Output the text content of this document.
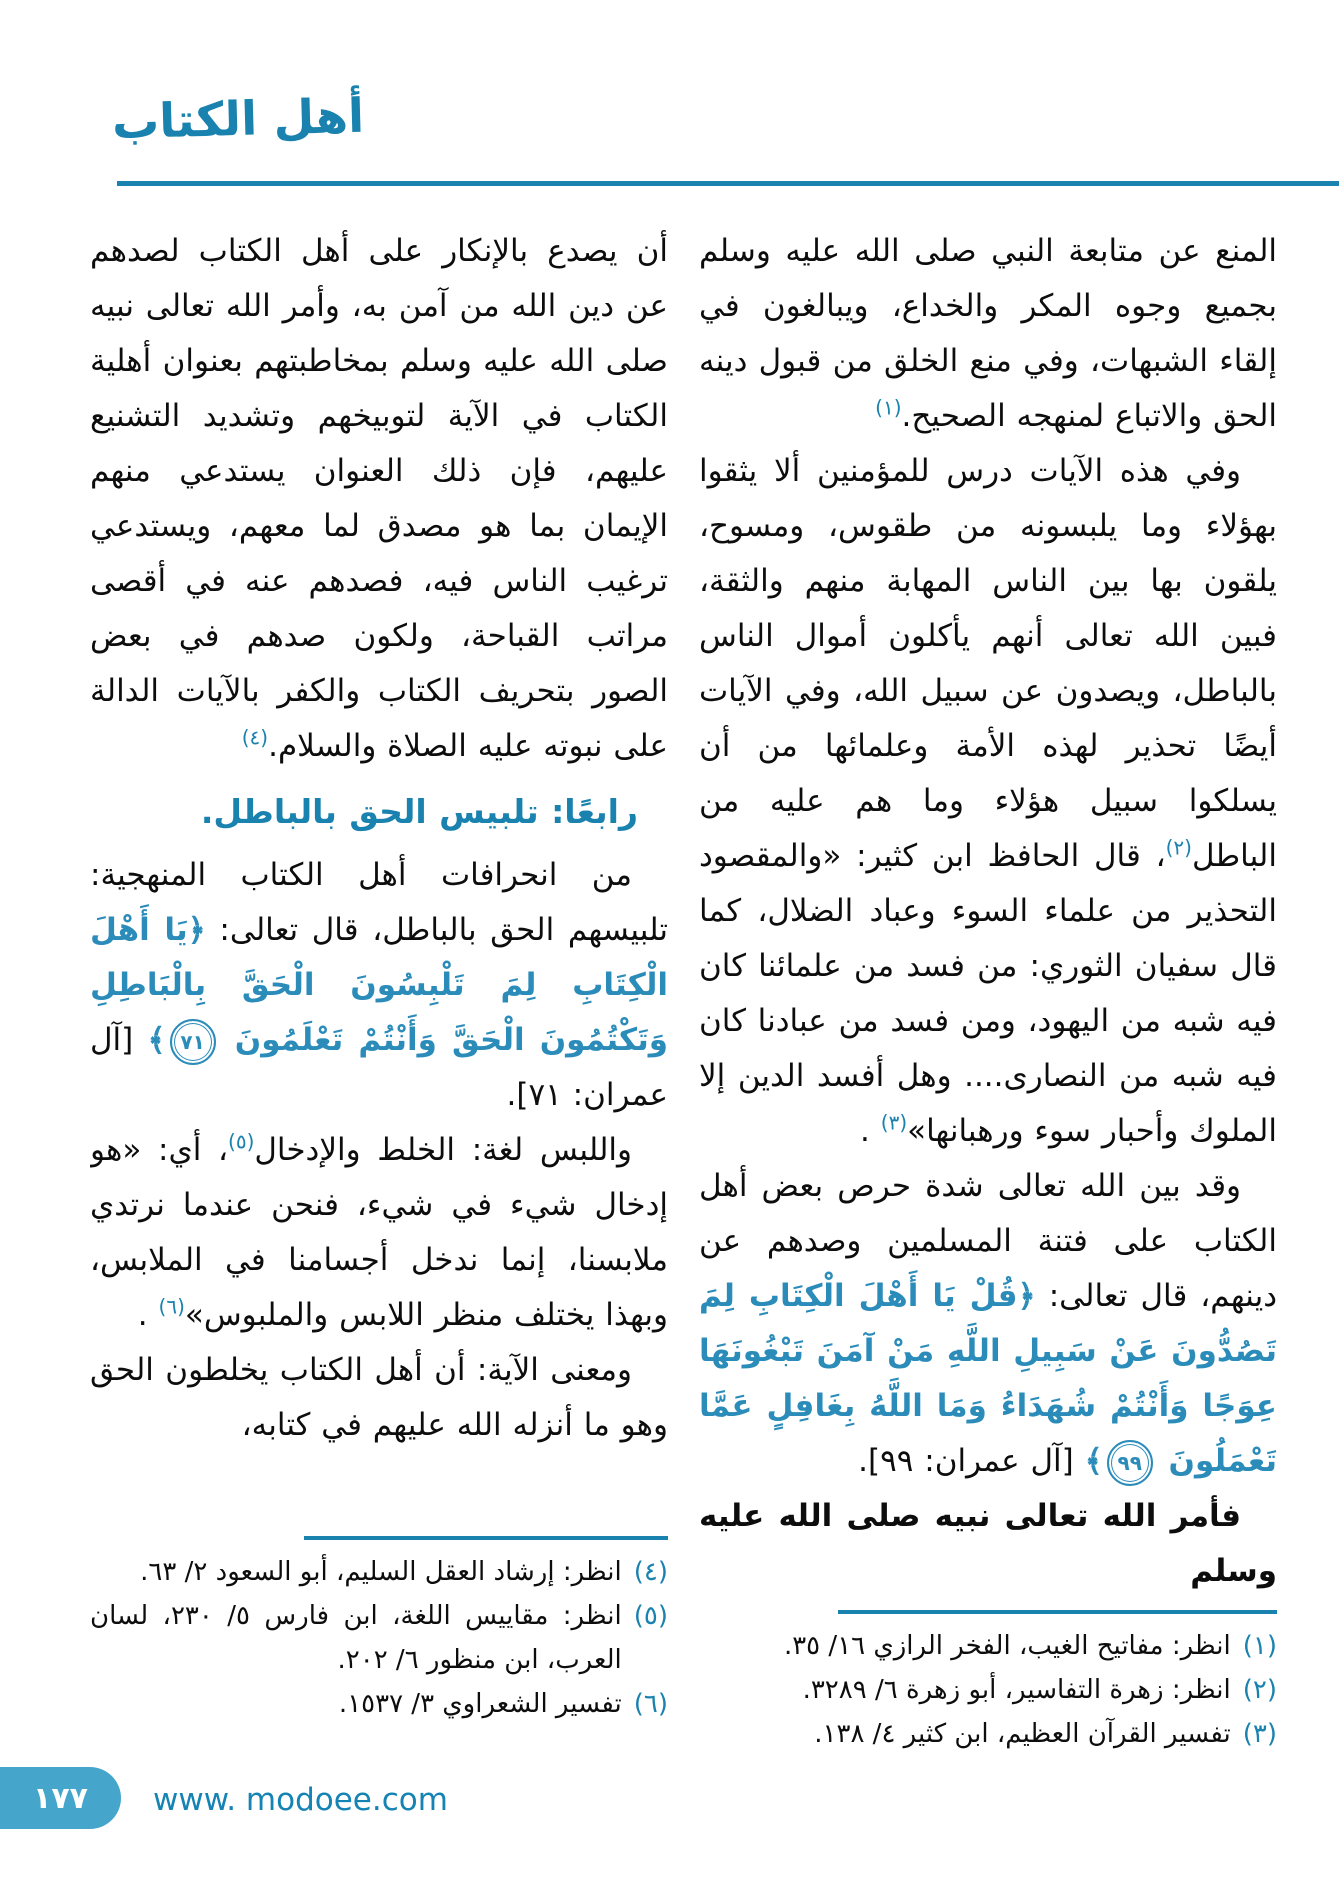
أهل الكتاب

المنع عن متابعة النبي صلى الله عليه وسلم بجميع وجوه المكر والخداع، ويبالغون في إلقاء الشبهات، وفي منع الخلق من قبول دينه الحق والاتباع لمنهجه الصحيح.$^{(١)}$

وفي هذه الآيات درس للمؤمنين ألا يثقوا بهؤلاء وما يلبسونه من طقوس، ومسوح، يلقون بها بين الناس المهابة منهم والثقة، فبين الله تعالى أنهم يأكلون أموال الناس بالباطل، ويصدون عن سبيل الله، وفي الآيات أيضًا تحذير لهذه الأمة وعلمائها من أن يسلكوا سبيل هؤلاء وما هم عليه من الباطل$^{(٢)}$، قال الحافظ ابن كثير: «والمقصود التحذير من علماء السوء وعباد الضلال، كما قال سفيان الثوري: من فسد من علمائنا كان فيه شبه من اليهود، ومن فسد من عبادنا كان فيه شبه من النصارى.... وهل أفسد الدين إلا الملوك وأحبار سوء ورهبانها»$^{(٣)}$ .

وقد بين الله تعالى شدة حرص بعض أهل الكتاب على فتنة المسلمين وصدهم عن دينهم، قال تعالى: ﴿قُلْ يَا أَهْلَ الْكِتَابِ لِمَ تَصُدُّونَ عَنْ سَبِيلِ اللَّهِ مَنْ آمَنَ تَبْغُونَهَا عِوَجًا وَأَنْتُمْ شُهَدَاءُ وَمَا اللَّهُ بِغَافِلٍ عَمَّا تَعْمَلُونَ ٩٩﴾ [آل عمران: ٩٩].

فأمر الله تعالى نبيه صلى الله عليه وسلم

(١)
انظر: مفاتيح الغيب، الفخر الرازي ١٦/ ٣٥.
(٢)
انظر: زهرة التفاسير، أبو زهرة ٦/ ٣٢٨٩.
(٣)
تفسير القرآن العظيم، ابن كثير ٤/ ١٣٨.

أن يصدع بالإنكار على أهل الكتاب لصدهم عن دين الله من آمن به، وأمر الله تعالى نبيه صلى الله عليه وسلم بمخاطبتهم بعنوان أهلية الكتاب في الآية لتوبيخهم وتشديد التشنيع عليهم، فإن ذلك العنوان يستدعي منهم الإيمان بما هو مصدق لما معهم، ويستدعي ترغيب الناس فيه، فصدهم عنه في أقصى مراتب القباحة، ولكون صدهم في بعض الصور بتحريف الكتاب والكفر بالآيات الدالة على نبوته عليه الصلاة والسلام.$^{(٤)}$

رابعًا: تلبيس الحق بالباطل.

من انحرافات أهل الكتاب المنهجية: تلبيسهم الحق بالباطل، قال تعالى: ﴿يَا أَهْلَ الْكِتَابِ لِمَ تَلْبِسُونَ الْحَقَّ بِالْبَاطِلِ وَتَكْتُمُونَ الْحَقَّ وَأَنْتُمْ تَعْلَمُونَ ٧١﴾ [آل عمران: ٧١].

واللبس لغة: الخلط والإدخال$^{(٥)}$، أي: «هو إدخال شيء في شيء، فنحن عندما نرتدي ملابسنا، إنما ندخل أجسامنا في الملابس، وبهذا يختلف منظر اللابس والملبوس»$^{(٦)}$ .

ومعنى الآية: أن أهل الكتاب يخلطون الحق وهو ما أنزله الله عليهم في كتابه،

(٤)
انظر: إرشاد العقل السليم، أبو السعود ٢/ ٦٣.
(٥)
انظر: مقاييس اللغة، ابن فارس ٥/ ٢٣٠، لسان العرب، ابن منظور ٦/ ٢٠٢.
(٦)
تفسير الشعراوي ٣/ ١٥٣٧.
١٧٧ www. modoee.com
